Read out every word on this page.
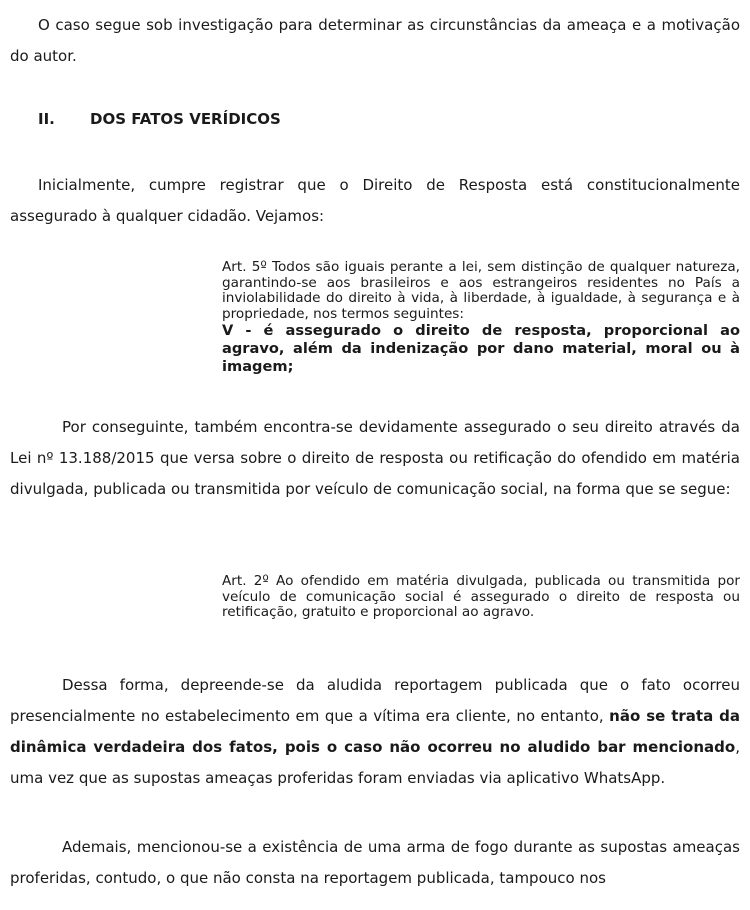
O caso segue sob investigação para determinar as circunstâncias da ameaça e a motivação do autor.

II. DOS FATOS VERÍDICOS

Inicialmente, cumpre registrar que o Direito de Resposta está constitucionalmente assegurado à qualquer cidadão. Vejamos:

Art. 5º Todos são iguais perante a lei, sem distinção de qualquer natureza, garantindo-se aos brasileiros e aos estrangeiros residentes no País a inviolabilidade do direito à vida, à liberdade, à igualdade, à segurança e à propriedade, nos termos seguintes:
V - é assegurado o direito de resposta, proporcional ao agravo, além da indenização por dano material, moral ou à imagem;

Por conseguinte, também encontra-se devidamente assegurado o seu direito através da Lei nº 13.188/2015 que versa sobre o direito de resposta ou retificação do ofendido em matéria divulgada, publicada ou transmitida por veículo de comunicação social, na forma que se segue:

Art. 2º Ao ofendido em matéria divulgada, publicada ou transmitida por veículo de comunicação social é assegurado o direito de resposta ou retificação, gratuito e proporcional ao agravo.

Dessa forma, depreende-se da aludida reportagem publicada que o fato ocorreu presencialmente no estabelecimento em que a vítima era cliente, no entanto, não se trata da dinâmica verdadeira dos fatos, pois o caso não ocorreu no aludido bar mencionado, uma vez que as supostas ameaças proferidas foram enviadas via aplicativo WhatsApp.

Ademais, mencionou-se a existência de uma arma de fogo durante as supostas ameaças proferidas, contudo, o que não consta na reportagem publicada, tampouco nos
